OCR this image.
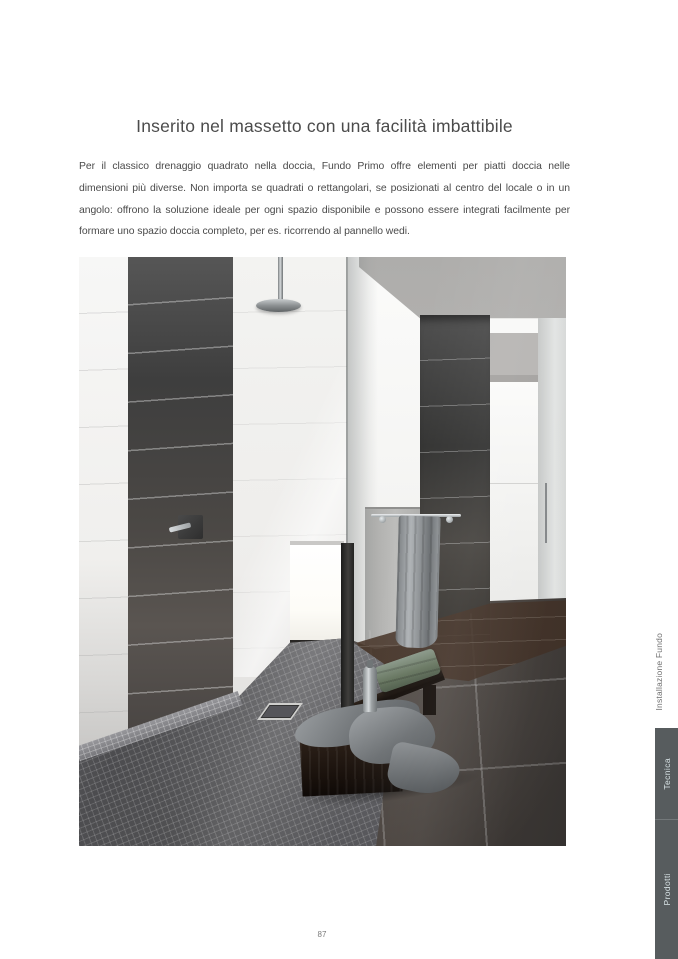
Inserito nel massetto con una facilità imbattibile

Per il classico drenaggio quadrato nella doccia, Fundo Primo offre elementi per piatti doccia nelle dimensioni più diverse. Non importa se quadrati o rettangolari, se posizionati al centro del locale o in un angolo: offrono la soluzione ideale per ogni spazio disponibile e possono essere integrati facilmente per formare uno spazio doccia completo, per es. ricorrendo al pannello wedi.

Installazione Fundo
Tecnica
Prodotti
87
